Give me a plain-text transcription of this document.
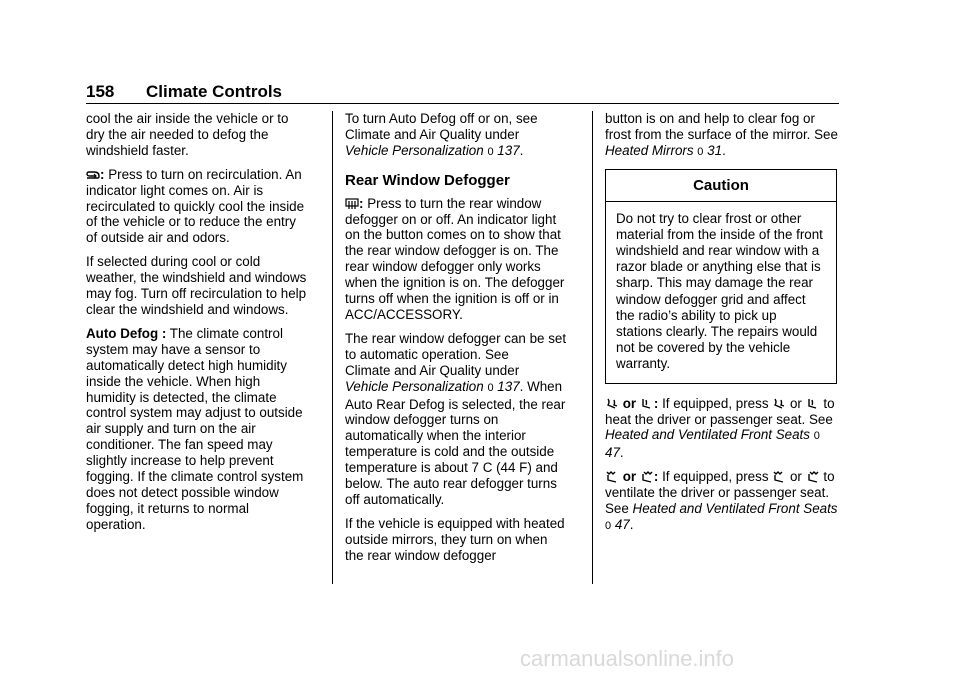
158 Climate Controls

cool the air inside the vehicle or to dry the air needed to defog the windshield faster.

: Press to turn on recirculation. An indicator light comes on. Air is recirculated to quickly cool the inside of the vehicle or to reduce the entry of outside air and odors.

If selected during cool or cold weather, the windshield and windows may fog. Turn off recirculation to help clear the windshield and windows.

Auto Defog : The climate control system may have a sensor to automatically detect high humidity inside the vehicle. When high humidity is detected, the climate control system may adjust to outside air supply and turn on the air conditioner. The fan speed may slightly increase to help prevent fogging. If the climate control system does not detect possible window fogging, it returns to normal operation.

To turn Auto Defog off or on, see
Climate and Air Quality under
Vehicle Personalization 0 137.

Rear Window Defogger

: Press to turn the rear window defogger on or off. An indicator light on the button comes on to show that the rear window defogger is on. The rear window defogger only works when the ignition is on. The defogger turns off when the ignition is off or in ACC/ACCESSORY.

The rear window defogger can be set to automatic operation. See
Climate and Air Quality under
Vehicle Personalization 0 137. When Auto Rear Defog is selected, the rear window defogger turns on automatically when the interior temperature is cold and the outside temperature is about 7 C (44 F) and below. The auto rear defogger turns off automatically.

If the vehicle is equipped with heated outside mirrors, they turn on when the rear window defogger

button is on and help to clear fog or frost from the surface of the mirror. See Heated Mirrors 0 31.

Caution
Do not try to clear frost or other material from the inside of the front windshield and rear window with a razor blade or anything else that is sharp. This may damage the rear window defogger grid and affect the radio’s ability to pick up stations clearly. The repairs would not be covered by the vehicle warranty.

or : If equipped, press  or  to heat the driver or passenger seat. See Heated and Ventilated Front Seats 0 47.

or : If equipped, press  or  to ventilate the driver or passenger seat. See Heated and Ventilated Front Seats 0 47.

carmanualsonline.info
